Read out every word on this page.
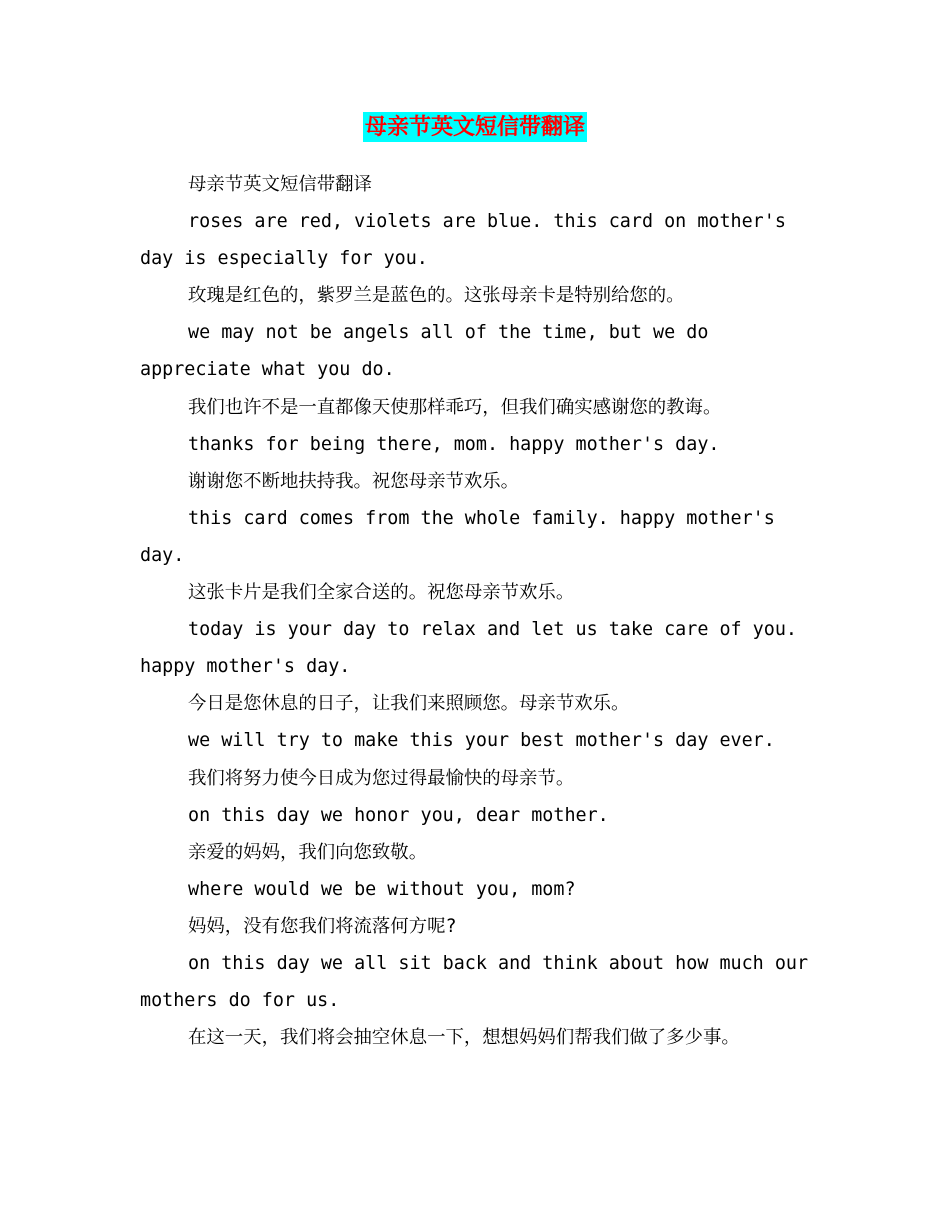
母亲节英文短信带翻译

母亲节英文短信带翻译

roses are red, violets are blue. this card on mother's day is especially for you.

玫瑰是红色的，紫罗兰是蓝色的。这张母亲卡是特别给您的。

we may not be angels all of the time, but we do appreciate what you do.

我们也许不是一直都像天使那样乖巧，但我们确实感谢您的教诲。

thanks for being there, mom. happy mother's day.

谢谢您不断地扶持我。祝您母亲节欢乐。

this card comes from the whole family. happy mother's day.

这张卡片是我们全家合送的。祝您母亲节欢乐。

today is your day to relax and let us take care of you. happy mother's day.

今日是您休息的日子，让我们来照顾您。母亲节欢乐。

we will try to make this your best mother's day ever.

我们将努力使今日成为您过得最愉快的母亲节。

on this day we honor you, dear mother.

亲爱的妈妈，我们向您致敬。

where would we be without you, mom?

妈妈，没有您我们将流落何方呢?

on this day we all sit back and think about how much our mothers do for us.

在这一天，我们将会抽空休息一下，想想妈妈们帮我们做了多少事。
